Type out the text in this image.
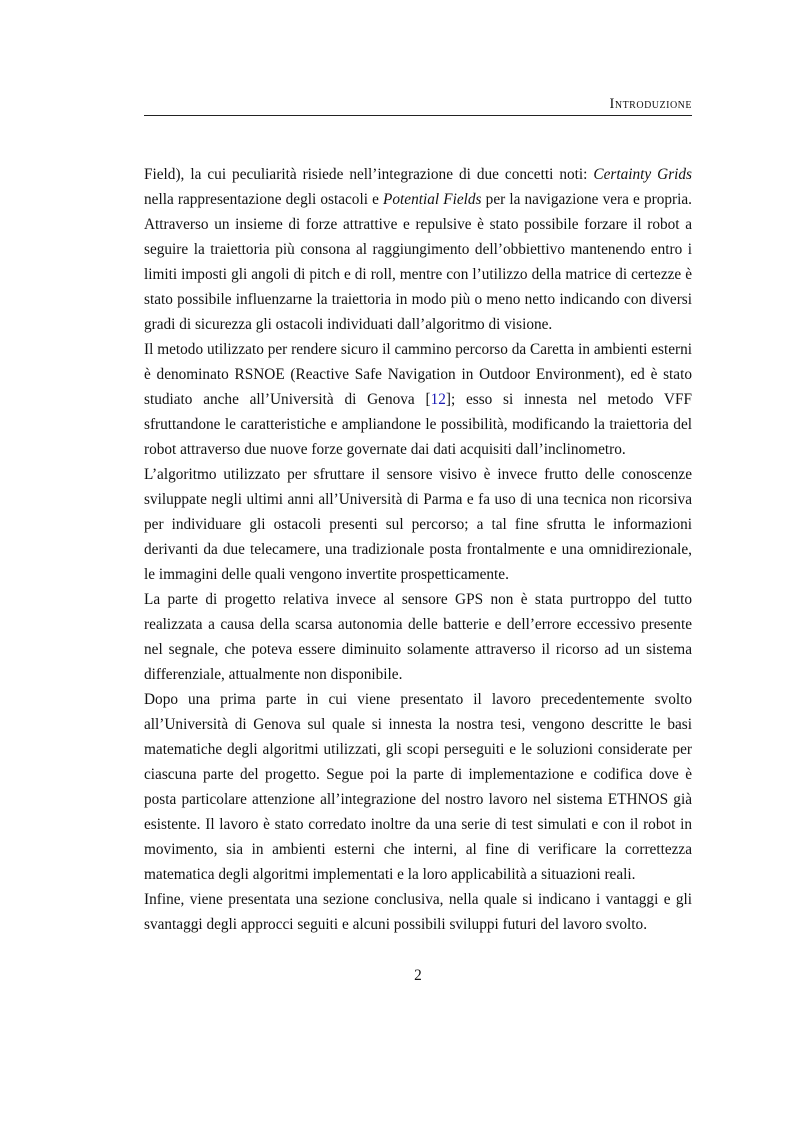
Introduzione

Field), la cui peculiarità risiede nell’integrazione di due concetti noti: Certainty Grids nella rappresentazione degli ostacoli e Potential Fields per la navigazione vera e propria. Attraverso un insieme di forze attrattive e repulsive è stato possibile forzare il robot a seguire la traiettoria più consona al raggiungimento dell’obbiettivo mantenendo entro i limiti imposti gli angoli di pitch e di roll, mentre con l’utilizzo della matrice di certezze è stato possibile influenzarne la traiettoria in modo più o meno netto indicando con diversi gradi di sicurezza gli ostacoli individuati dall’algoritmo di visione.

Il metodo utilizzato per rendere sicuro il cammino percorso da Caretta in ambienti esterni è denominato RSNOE (Reactive Safe Navigation in Outdoor Environment), ed è stato studiato anche all’Università di Genova [12]; esso si innesta nel metodo VFF sfruttandone le caratteristiche e ampliandone le possibilità, modificando la traiettoria del robot attraverso due nuove forze governate dai dati acquisiti dall’inclinometro.

L’algoritmo utilizzato per sfruttare il sensore visivo è invece frutto delle conoscenze sviluppate negli ultimi anni all’Università di Parma e fa uso di una tecnica non ricorsiva per individuare gli ostacoli presenti sul percorso; a tal fine sfrutta le informazioni derivanti da due telecamere, una tradizionale posta frontalmente e una omnidirezionale, le immagini delle quali vengono invertite prospetticamente.

La parte di progetto relativa invece al sensore GPS non è stata purtroppo del tutto realizzata a causa della scarsa autonomia delle batterie e dell’errore eccessivo presente nel segnale, che poteva essere diminuito solamente attraverso il ricorso ad un sistema differenziale, attualmente non disponibile.

Dopo una prima parte in cui viene presentato il lavoro precedentemente svolto all’Università di Genova sul quale si innesta la nostra tesi, vengono descritte le basi matematiche degli algoritmi utilizzati, gli scopi perseguiti e le soluzioni considerate per ciascuna parte del progetto. Segue poi la parte di implementazione e codifica dove è posta particolare attenzione all’integrazione del nostro lavoro nel sistema ETHNOS già esistente. Il lavoro è stato corredato inoltre da una serie di test simulati e con il robot in movimento, sia in ambienti esterni che interni, al fine di verificare la correttezza matematica degli algoritmi implementati e la loro applicabilità a situazioni reali.

Infine, viene presentata una sezione conclusiva, nella quale si indicano i vantaggi e gli svantaggi degli approcci seguiti e alcuni possibili sviluppi futuri del lavoro svolto.

2
